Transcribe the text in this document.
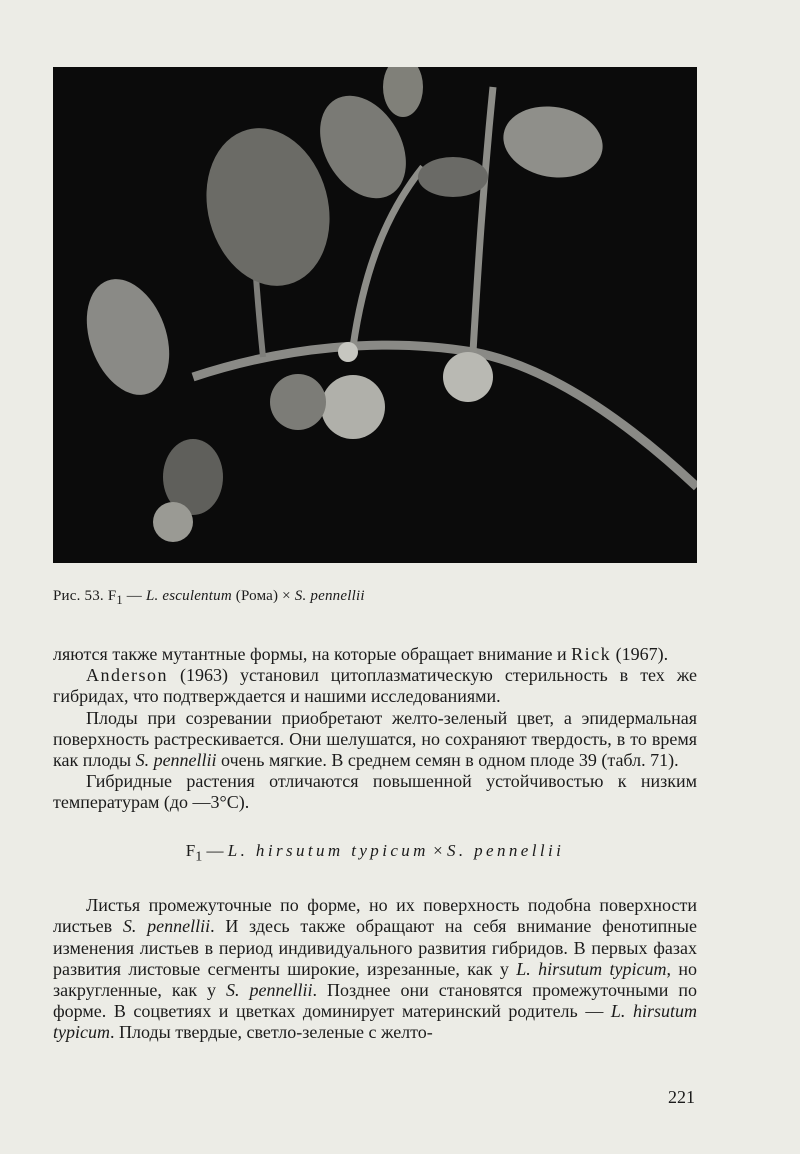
Рис. 53. $F_1$ — L. esculentum (Рома) × S. pennellii

ляются также мутантные формы, на которые обращает внимание и Rick (1967).

Anderson (1963) установил цитоплазматическую стерильность в тех же гибридах, что подтверждается и нашими исследованиями.

Плоды при созревании приобретают желто-зеленый цвет, а эпидермальная поверхность растрескивается. Они шелушатся, но сохраняют твердость, в то время как плоды S. pennellii очень мягкие. В среднем семян в одном плоде 39 (табл. 71).

Гибридные растения отличаются повышенной устойчивостью к низким температурам (до —3°C).

$F_1$ — L. hirsutum typicum × S. pennellii

Листья промежуточные по форме, но их поверхность подобна поверхности листьев S. pennellii. И здесь также обращают на себя внимание фенотипные изменения листьев в период индивидуального развития гибридов. В первых фазах развития листовые сегменты широкие, изрезанные, как у L. hirsutum typicum, но закругленные, как у S. pennellii. Позднее они становятся промежуточными по форме. В соцветиях и цветках доминирует материнский родитель — L. hirsutum typicum. Плоды твердые, светло-зеленые с желто-

221
